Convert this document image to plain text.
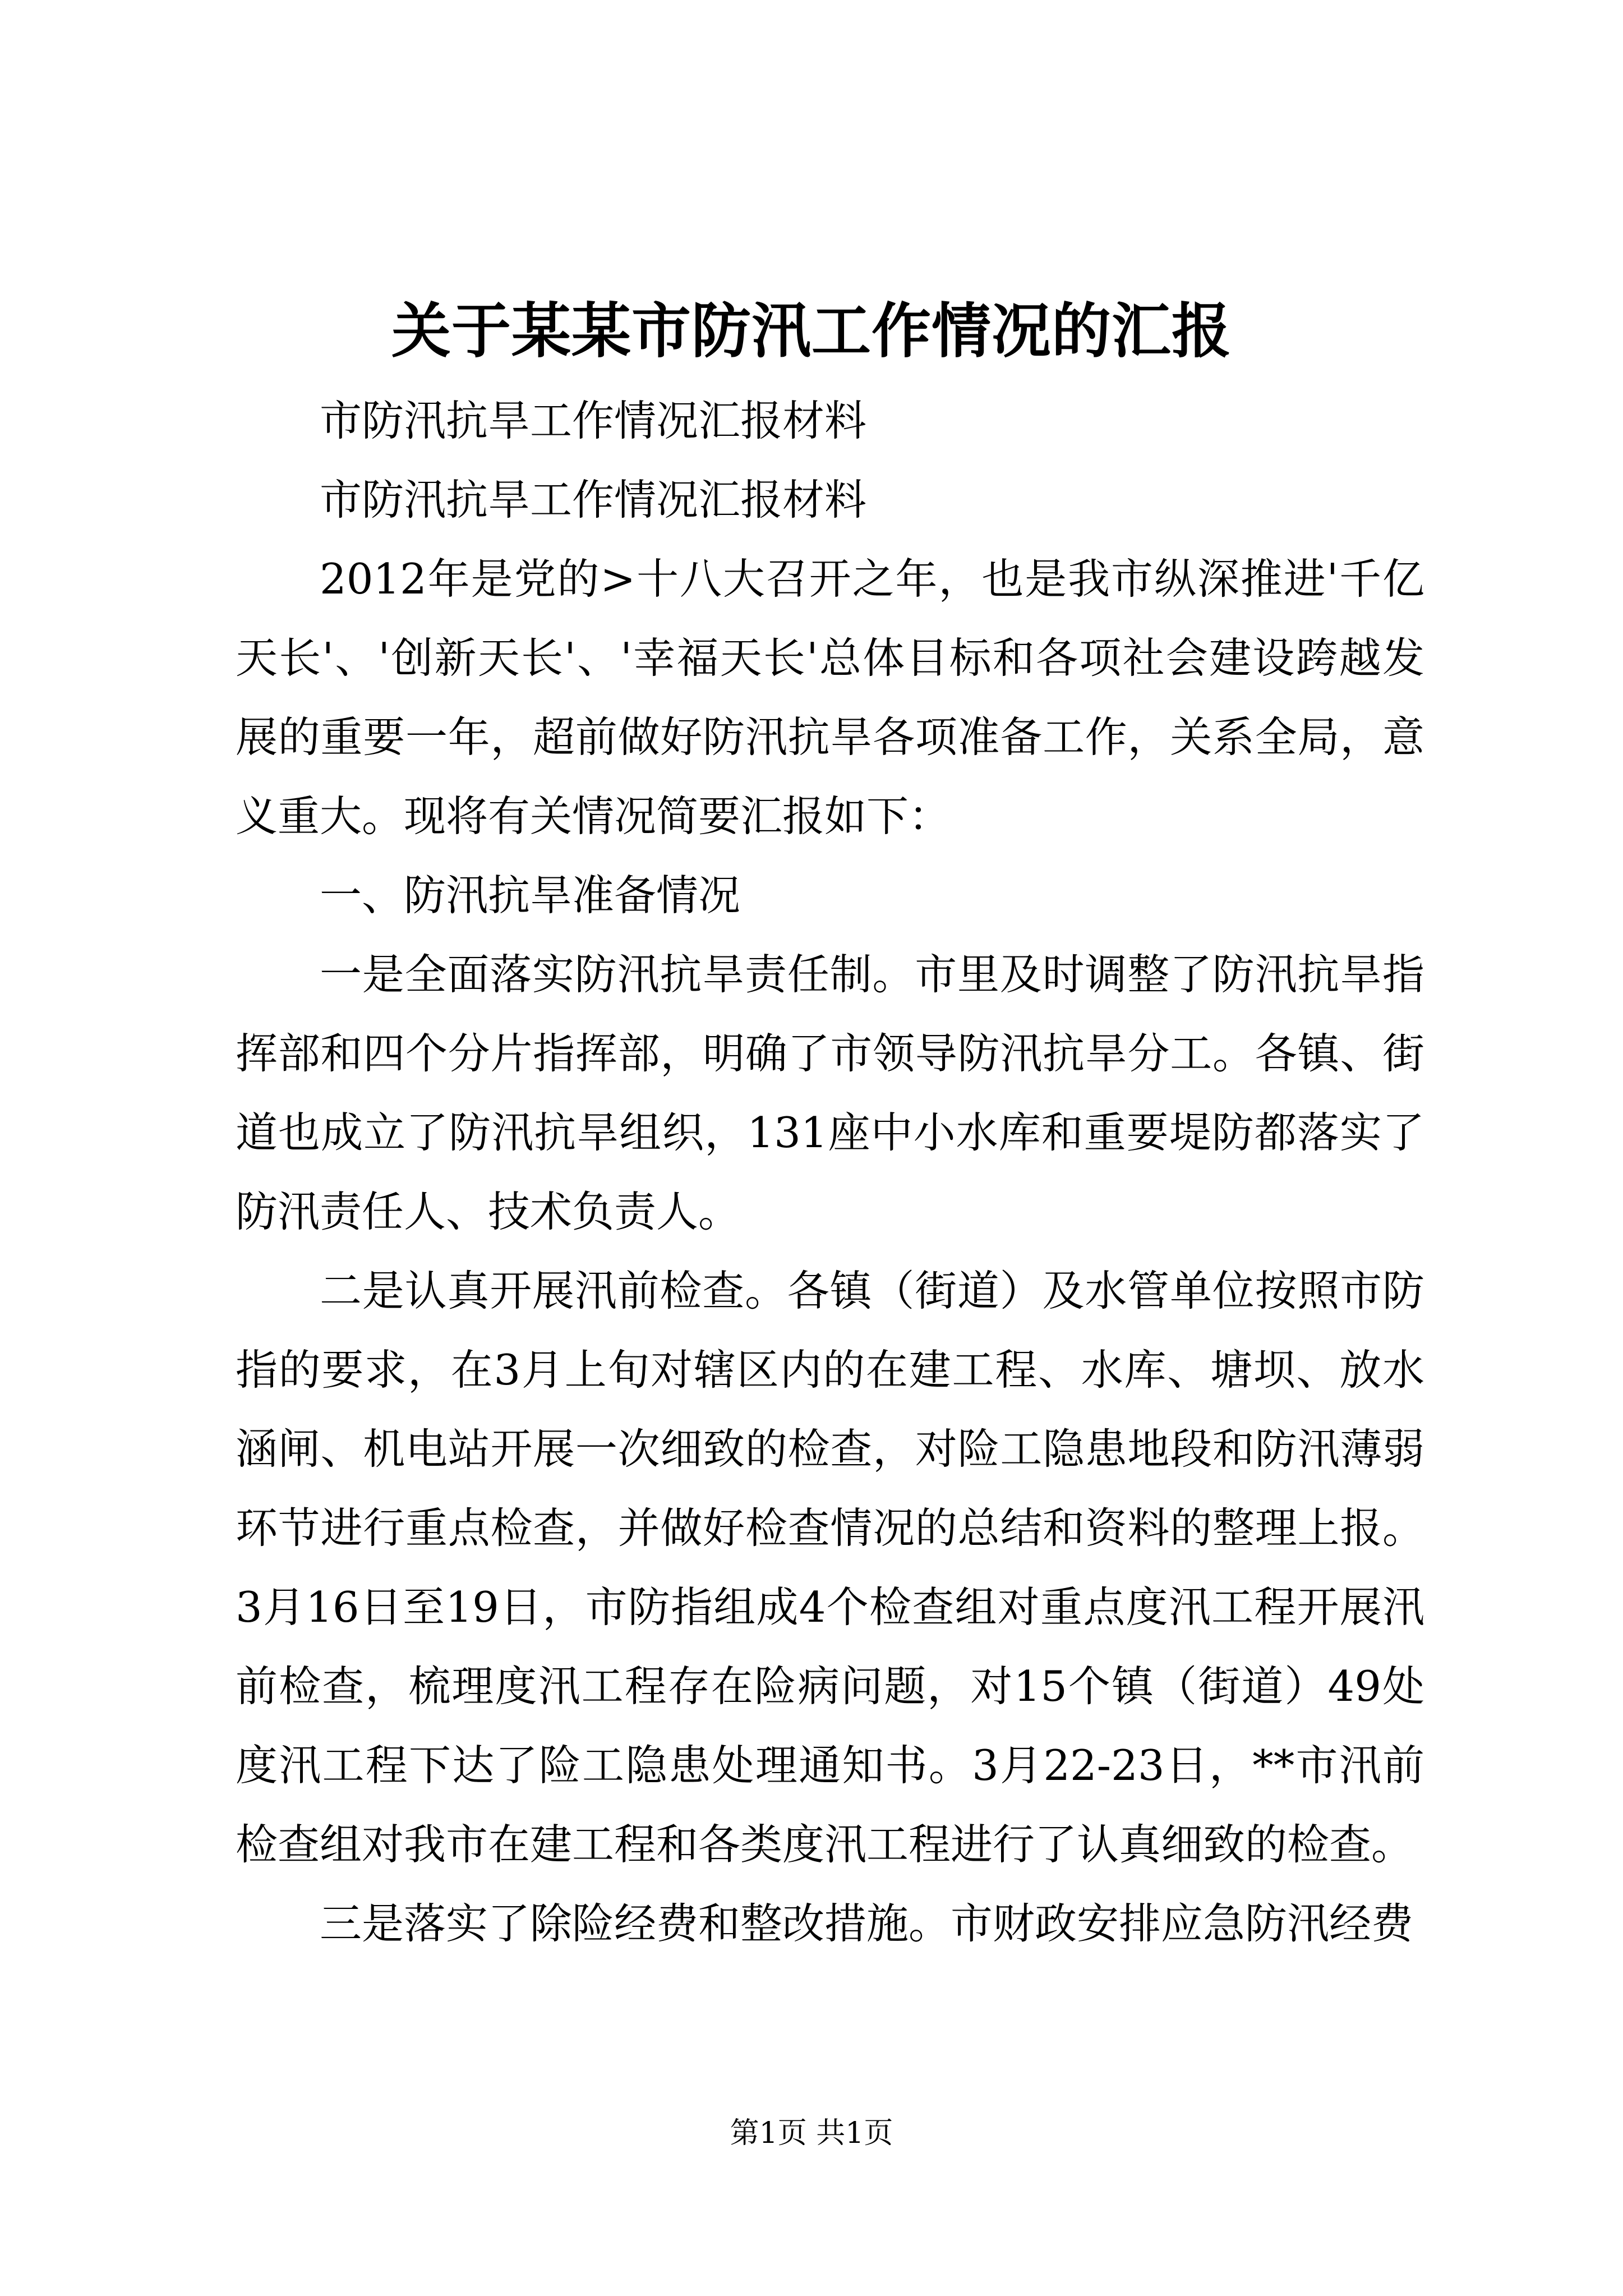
关于某某市防汛工作情况的汇报

市防汛抗旱工作情况汇报材料

市防汛抗旱工作情况汇报材料

2012年是党的>十八大召开之年，也是我市纵深推进'千亿天长'、'创新天长'、'幸福天长'总体目标和各项社会建设跨越发展的重要一年，超前做好防汛抗旱各项准备工作，关系全局，意义重大。现将有关情况简要汇报如下：

一、防汛抗旱准备情况

一是全面落实防汛抗旱责任制。市里及时调整了防汛抗旱指挥部和四个分片指挥部，明确了市领导防汛抗旱分工。各镇、街道也成立了防汛抗旱组织，131座中小水库和重要堤防都落实了防汛责任人、技术负责人。

二是认真开展汛前检查。各镇（街道）及水管单位按照市防指的要求，在3月上旬对辖区内的在建工程、水库、塘坝、放水涵闸、机电站开展一次细致的检查，对险工隐患地段和防汛薄弱环节进行重点检查，并做好检查情况的总结和资料的整理上报。3月16日至19日，市防指组成4个检查组对重点度汛工程开展汛前检查，梳理度汛工程存在险病问题，对15个镇（街道）49处度汛工程下达了险工隐患处理通知书。3月22-23日，**市汛前检查组对我市在建工程和各类度汛工程进行了认真细致的检查。

三是落实了除险经费和整改措施。市财政安排应急防汛经费

第1页 共1页
